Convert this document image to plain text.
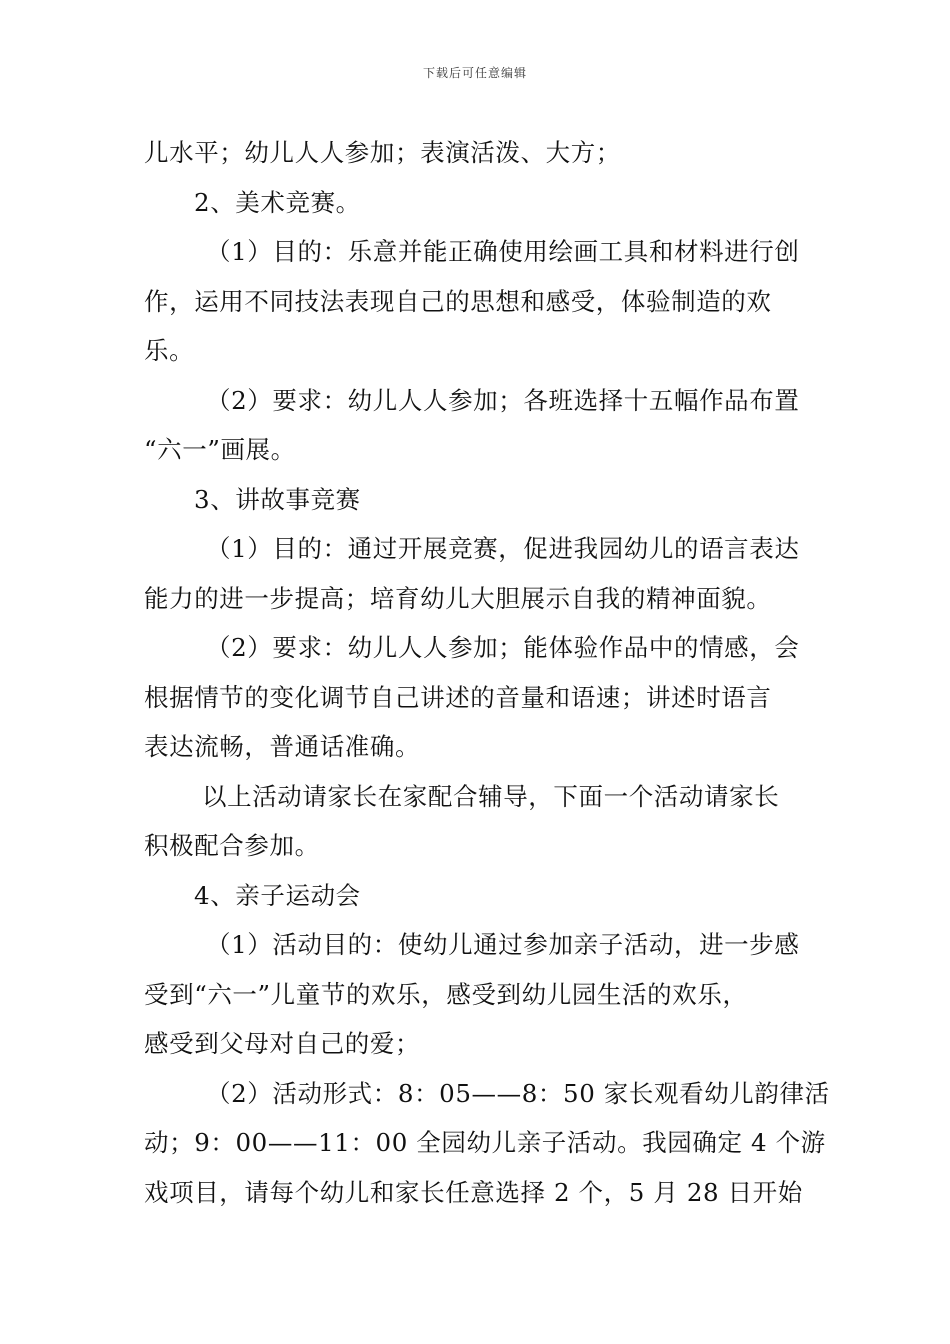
下载后可任意编辑
儿水平；幼儿人人参加；表演活泼、大方；
2、美术竞赛。
（1）目的：乐意并能正确使用绘画工具和材料进行创
作，运用不同技法表现自己的思想和感受，体验制造的欢
乐。
（2）要求：幼儿人人参加；各班选择十五幅作品布置
“六一”画展。
3、讲故事竞赛
（1）目的：通过开展竞赛，促进我园幼儿的语言表达
能力的进一步提高；培育幼儿大胆展示自我的精神面貌。
（2）要求：幼儿人人参加；能体验作品中的情感，会
根据情节的变化调节自己讲述的音量和语速；讲述时语言
表达流畅，普通话准确。
以上活动请家长在家配合辅导，下面一个活动请家长
积极配合参加。
4、亲子运动会
（1）活动目的：使幼儿通过参加亲子活动，进一步感
受到“六一”儿童节的欢乐，感受到幼儿园生活的欢乐，
感受到父母对自己的爱；
（2）活动形式：8：05——8：50 家长观看幼儿韵律活
动；9：00——11：00 全园幼儿亲子活动。我园确定 4 个游
戏项目，请每个幼儿和家长任意选择 2 个，5 月 28 日开始
